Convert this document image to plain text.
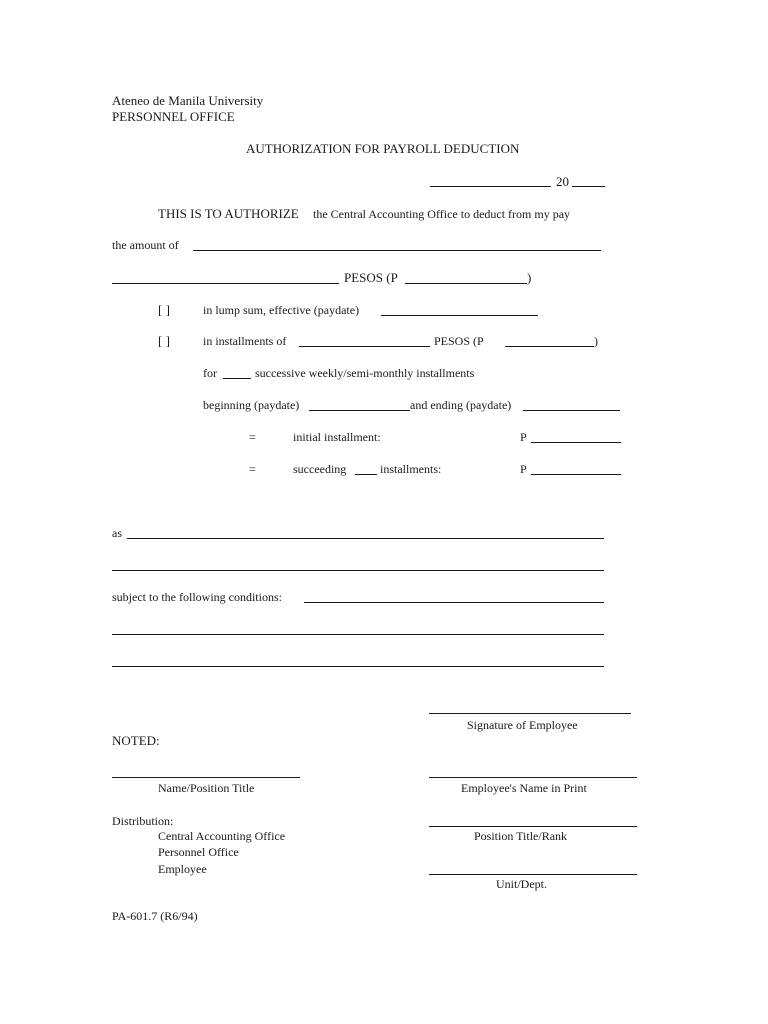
Ateneo de Manila University
PERSONNEL OFFICE
AUTHORIZATION FOR PAYROLL DEDUCTION
20
THIS IS TO AUTHORIZE the Central Accounting Office to deduct from my pay
the amount of
PESOS (P	)
[ ]	in lump sum, effective (paydate)
[ ]	in installments of	PESOS (P	)
for	successive weekly/semi-monthly installments
beginning (paydate)	and ending (paydate)
=	initial installment:	P
=	succeeding	installments:	P
as
subject to the following conditions:
Signature of Employee
NOTED:
Name/Position Title	Employee's Name in Print
Distribution:
Central Accounting Office
Personnel Office
Employee
Position Title/Rank
Unit/Dept.
PA-601.7 (R6/94)
